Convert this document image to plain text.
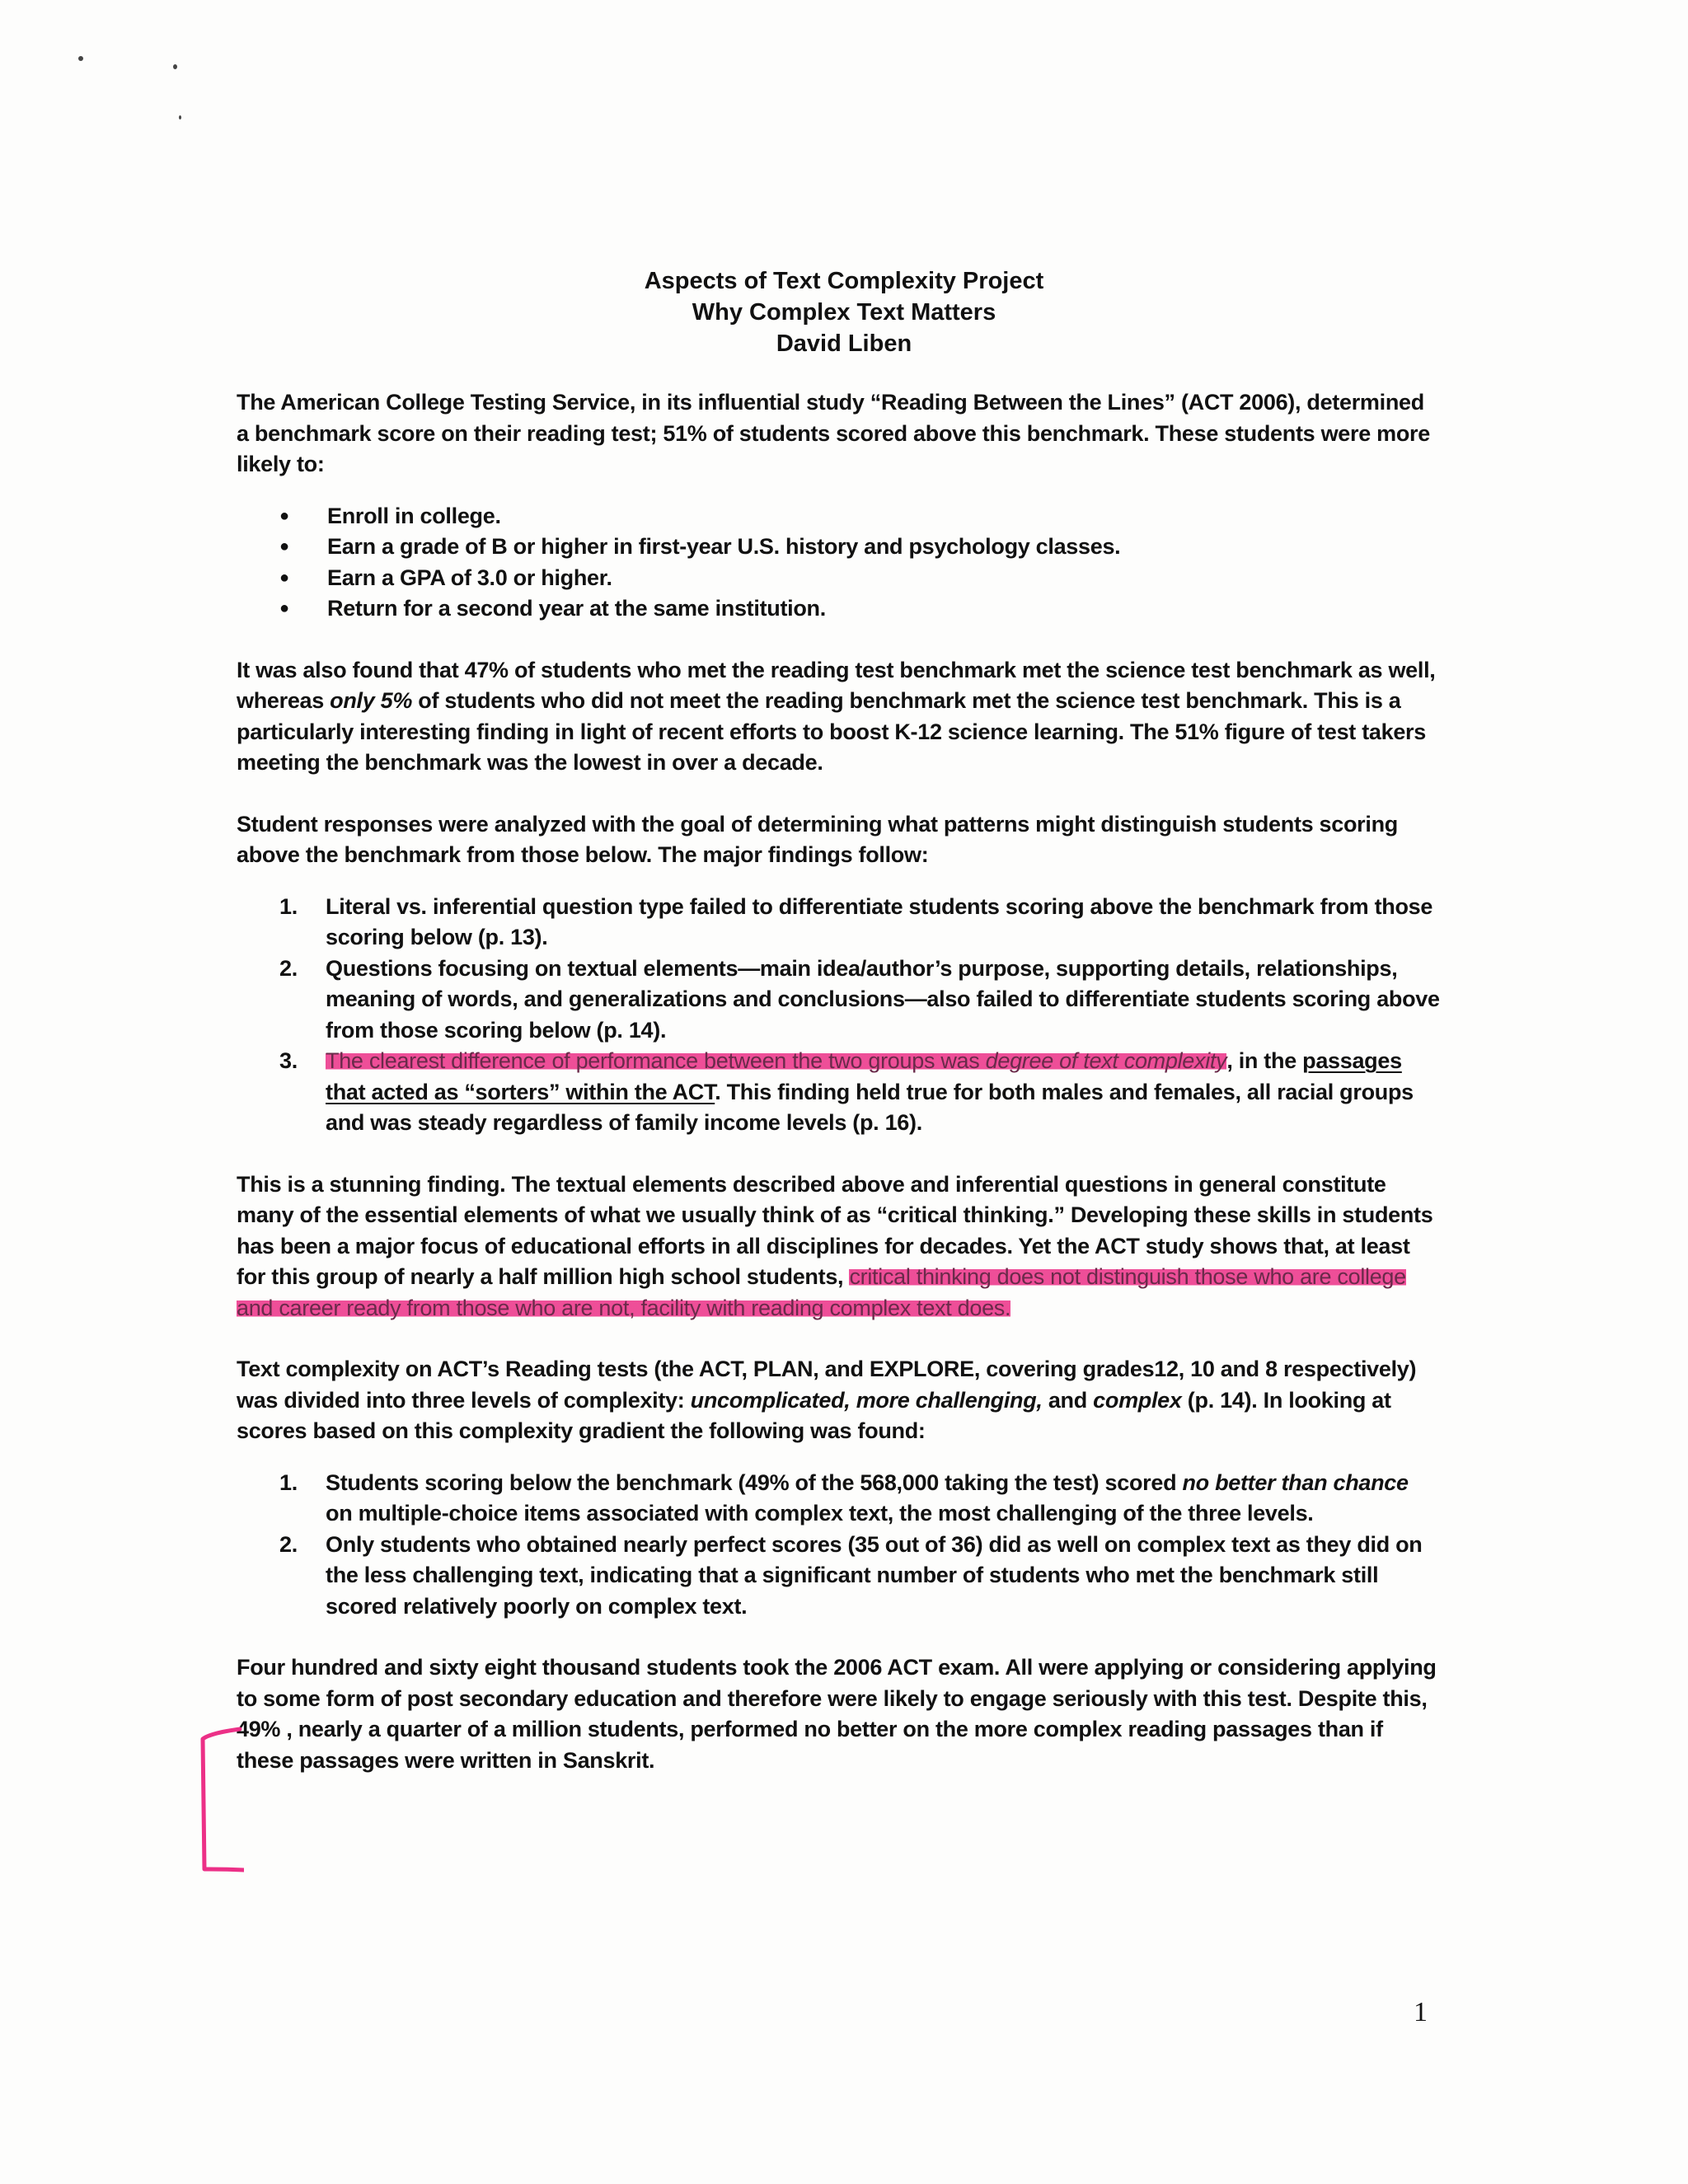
Aspects of Text Complexity Project
Why Complex Text Matters
David Liben

The American College Testing Service, in its influential study “Reading Between the Lines” (ACT 2006), determined a benchmark score on their reading test; 51% of students scored above this benchmark. These students were more likely to:

● Enroll in college.
● Earn a grade of B or higher in first-year U.S. history and psychology classes.
● Earn a GPA of 3.0 or higher.
● Return for a second year at the same institution.

It was also found that 47% of students who met the reading test benchmark met the science test benchmark as well, whereas only 5% of students who did not meet the reading benchmark met the science test benchmark. This is a particularly interesting finding in light of recent efforts to boost K-12 science learning. The 51% figure of test takers meeting the benchmark was the lowest in over a decade.

Student responses were analyzed with the goal of determining what patterns might distinguish students scoring above the benchmark from those below. The major findings follow:

1. Literal vs. inferential question type failed to differentiate students scoring above the benchmark from those scoring below (p. 13).
2. Questions focusing on textual elements—main idea/author’s purpose, supporting details, relationships, meaning of words, and generalizations and conclusions—also failed to differentiate students scoring above from those scoring below (p. 14).
3. The clearest difference of performance between the two groups was degree of text complexity, in the passages that acted as “sorters” within the ACT. This finding held true for both males and females, all racial groups and was steady regardless of family income levels (p. 16).

This is a stunning finding. The textual elements described above and inferential questions in general constitute many of the essential elements of what we usually think of as “critical thinking.” Developing these skills in students has been a major focus of educational efforts in all disciplines for decades. Yet the ACT study shows that, at least for this group of nearly a half million high school students, critical thinking does not distinguish those who are college and career ready from those who are not, facility with reading complex text does.

Text complexity on ACT’s Reading tests (the ACT, PLAN, and EXPLORE, covering grades12, 10 and 8 respectively) was divided into three levels of complexity: uncomplicated, more challenging, and complex (p. 14). In looking at scores based on this complexity gradient the following was found:

1. Students scoring below the benchmark (49% of the 568,000 taking the test) scored no better than chance on multiple-choice items associated with complex text, the most challenging of the three levels.
2. Only students who obtained nearly perfect scores (35 out of 36) did as well on complex text as they did on the less challenging text, indicating that a significant number of students who met the benchmark still scored relatively poorly on complex text.

Four hundred and sixty eight thousand students took the 2006 ACT exam. All were applying or considering applying to some form of post secondary education and therefore were likely to engage seriously with this test. Despite this, 49% , nearly a quarter of a million students, performed no better on the more complex reading passages than if these passages were written in Sanskrit.

1
